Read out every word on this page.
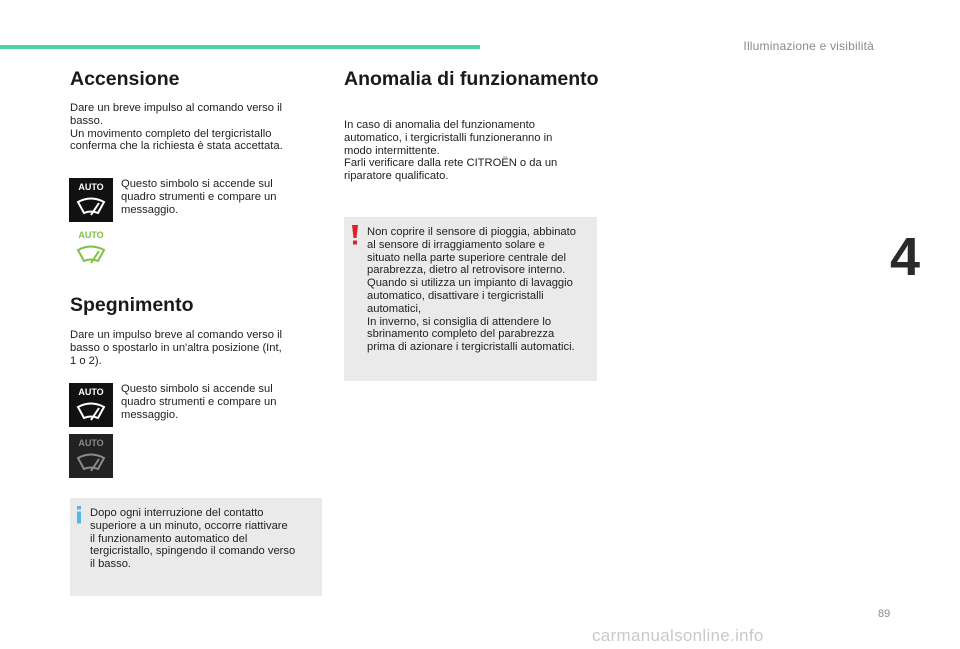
Illuminazione e visibilità
4
89
Accensione
Dare un breve impulso al comando verso il
basso.
Un movimento completo del tergicristallo
conferma che la richiesta è stata accettata.
AUTO Questo simbolo si accende sul
quadro strumenti e compare un
messaggio.
AUTO
Spegnimento
Dare un impulso breve al comando verso il
basso o spostarlo in un'altra posizione (Int,
1 o 2).
AUTO Questo simbolo si accende sul
quadro strumenti e compare un
messaggio.
AUTO
Dopo ogni interruzione del contatto
superiore a un minuto, occorre riattivare
il funzionamento automatico del
tergicristallo, spingendo il comando verso
il basso.
Anomalia di funzionamento
In caso di anomalia del funzionamento
automatico, i tergicristalli funzioneranno in
modo intermittente.
Farli verificare dalla rete CITROËN o da un
riparatore qualificato.
Non coprire il sensore di pioggia, abbinato
al sensore di irraggiamento solare e
situato nella parte superiore centrale del
parabrezza, dietro al retrovisore interno.
Quando si utilizza un impianto di lavaggio
automatico, disattivare i tergicristalli
automatici,
In inverno, si consiglia di attendere lo
sbrinamento completo del parabrezza
prima di azionare i tergicristalli automatici.
carmanualsonline.info
